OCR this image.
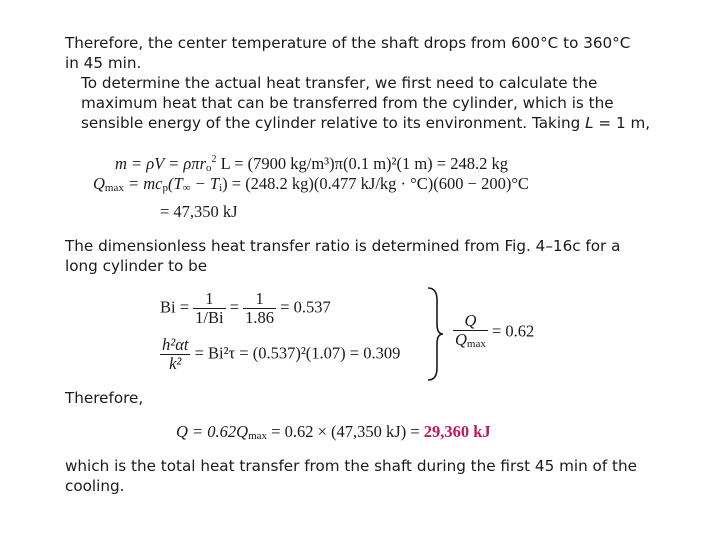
Therefore, the center temperature of the shaft drops from 600°C to 360°C in 45 min.
To determine the actual heat transfer, we first need to calculate the maximum heat that can be transferred from the cylinder, which is the sensible energy of the cylinder relative to its environment. Taking L = 1 m,
m = ρV = ρπr$_o^2$ L = (7900 kg/m³)π(0.1 m)²(1 m) = 248.2 kg
$Q_{max} = mc_p(T_\infty - T_i) = (248.2$ kg)(0.477 kJ/kg · °C)(600 − 200)°C
= 47,350 kJ
The dimensionless heat transfer ratio is determined from Fig. 4–16c for a long cylinder to be
$Bi = \frac{1}{1/Bi} = \frac{1}{1.86} = 0.537$
$\frac{\text{h²αt}}{\text{k²}} = Bi^2\tau = (0.537)^2(1.07) = 0.309$	$\frac{Q}{Q_{max}} = 0.62$
Therefore,
$Q = 0.62Q_{max} = 0.62 \times (47,350$ kJ) = 29,360 kJ
which is the total heat transfer from the shaft during the first 45 min of the cooling.
